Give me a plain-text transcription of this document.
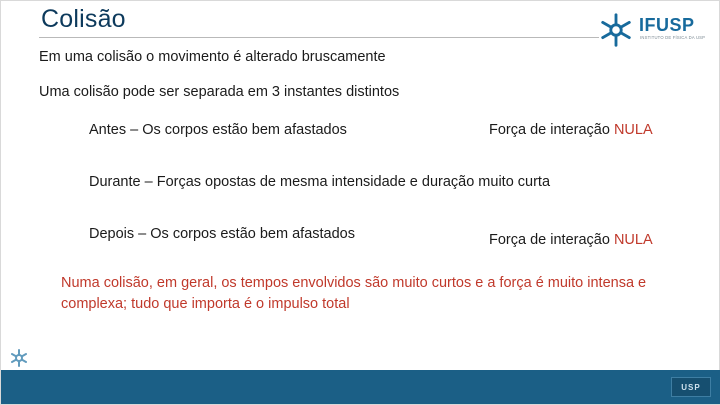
Colisão	IFUSP
INSTITUTO DE FÍSICA DA USP
Em uma colisão o movimento é alterado bruscamente
Uma colisão pode ser separada em 3 instantes distintos
Antes – Os corpos estão bem afastados	Força de interação NULA
Durante – Forças opostas de mesma intensidade e duração muito curta
Depois – Os corpos estão bem afastados	Força de interação NULA
Numa colisão, em geral, os tempos envolvidos são muito curtos e a força é muito intensa e complexa; tudo que importa é o impulso total
USP
